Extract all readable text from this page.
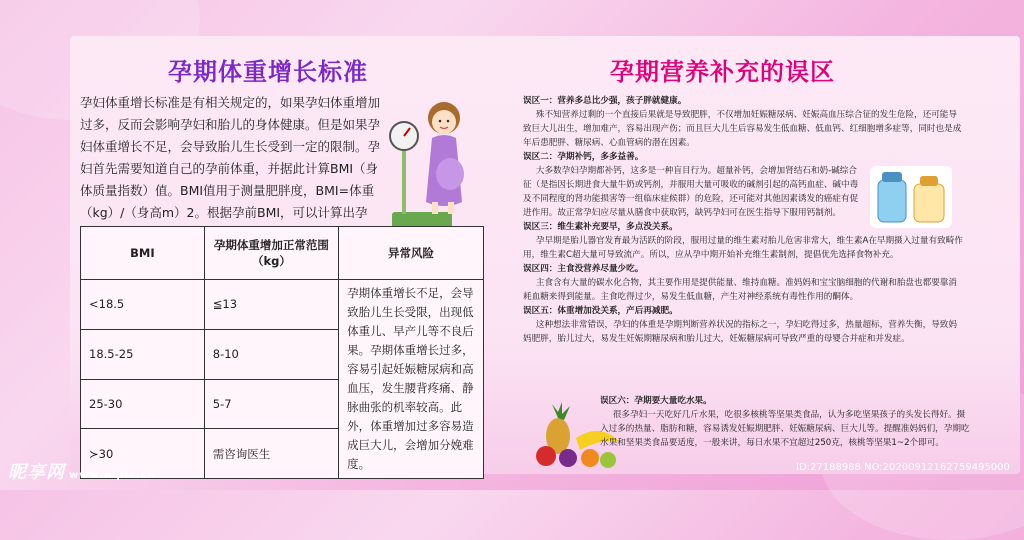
孕期体重增长标准	孕期营养补充的误区
孕妇体重增长标准是有相关规定的，如果孕妇体重增加过多，反而会影响孕妇和胎儿的身体健康。但是如果孕妇体重增长不足，会导致胎儿生长受到一定的限制。孕妇首先需要知道自己的孕前体重，并据此计算BMI（身体质量指数）值。BMI值用于测量肥胖度，BMI=体重（kg）/（身高m）2。根据孕前BMI，可以计算出孕
BMI	孕期体重增加正常范围（kg）	异常风险
<18.5	≦13	孕期体重增长不足，会导致胎儿生长受限，出现低体重儿、早产儿等不良后果。孕期体重增长过多，容易引起妊娠糖尿病和高血压，发生腰背疼痛、静脉曲张的机率较高。此外，体重增加过多容易造成巨大儿，会增加分娩难度。
18.5-25	8-10	
25-30	5-7	
≻30	需咨询医生	

误区一：营养多总比少强，孩子胖就健康。

殊不知营养过剩的一个直接后果就是导致肥胖，不仅增加妊娠糖尿病、妊娠高血压综合征的发生危险，还可能导致巨大儿出生，增加难产，容易出现产伤；而且巨大儿生后容易发生低血糖、低血钙、红细胞增多症等，同时也是成年后患肥胖、糖尿病、心血管病的潜在因素。

误区二：孕期补钙，多多益善。

大多数孕妇孕期都补钙，这多是一种盲目行为。超量补钙，会增加肾结石和奶-碱综合征（是指因长期进食大量牛奶或钙剂，并服用大量可吸收的碱剂引起的高钙血症、碱中毒及不同程度的肾功能损害等一组临床症候群）的危险，还可能对其他因素诱发的癌症有促进作用。故正常孕妇应尽量从膳食中获取钙，缺钙孕妇可在医生指导下服用钙制剂。

误区三：维生素补充要早，多点没关系。

孕早期是胎儿器官发育最为活跃的阶段，服用过量的维生素对胎儿危害非常大，维生素A在早期摄入过量有致畸作用，维生素C超大量可导致流产。所以，应从孕中期开始补充维生素制剂，提倡优先选择食物补充。

误区四：主食没营养尽量少吃。

主食含有大量的碳水化合物，其主要作用是提供能量、维持血糖。准妈妈和宝宝脑细胞的代谢和胎盘也都要靠消耗血糖来得到能量。主食吃得过少，易发生低血糖，产生对神经系统有毒性作用的酮体。

误区五：体重增加没关系，产后再减肥。

这种想法非常错误，孕妇的体重是孕期判断营养状况的指标之一，孕妇吃得过多，热量超标，营养失衡，导致妈妈肥胖，胎儿过大，易发生妊娠期糖尿病和胎儿过大，妊娠糖尿病可导致严重的母婴合并症和并发症。

误区六：孕期要大量吃水果。

很多孕妇一天吃好几斤水果，吃很多核桃等坚果类食品，认为多吃坚果孩子的头发长得好。摄入过多的热量、脂肪和糖，容易诱发妊娠期肥胖、妊娠糖尿病、巨大儿等。提醒准妈妈们，孕期吃水果和坚果类食品要适度，一般来讲，每日水果不宜超过250克，核桃等坚果1~2个即可。

昵享网 www.nipic.cn
ID:27188988 NO:20200912162759495000
